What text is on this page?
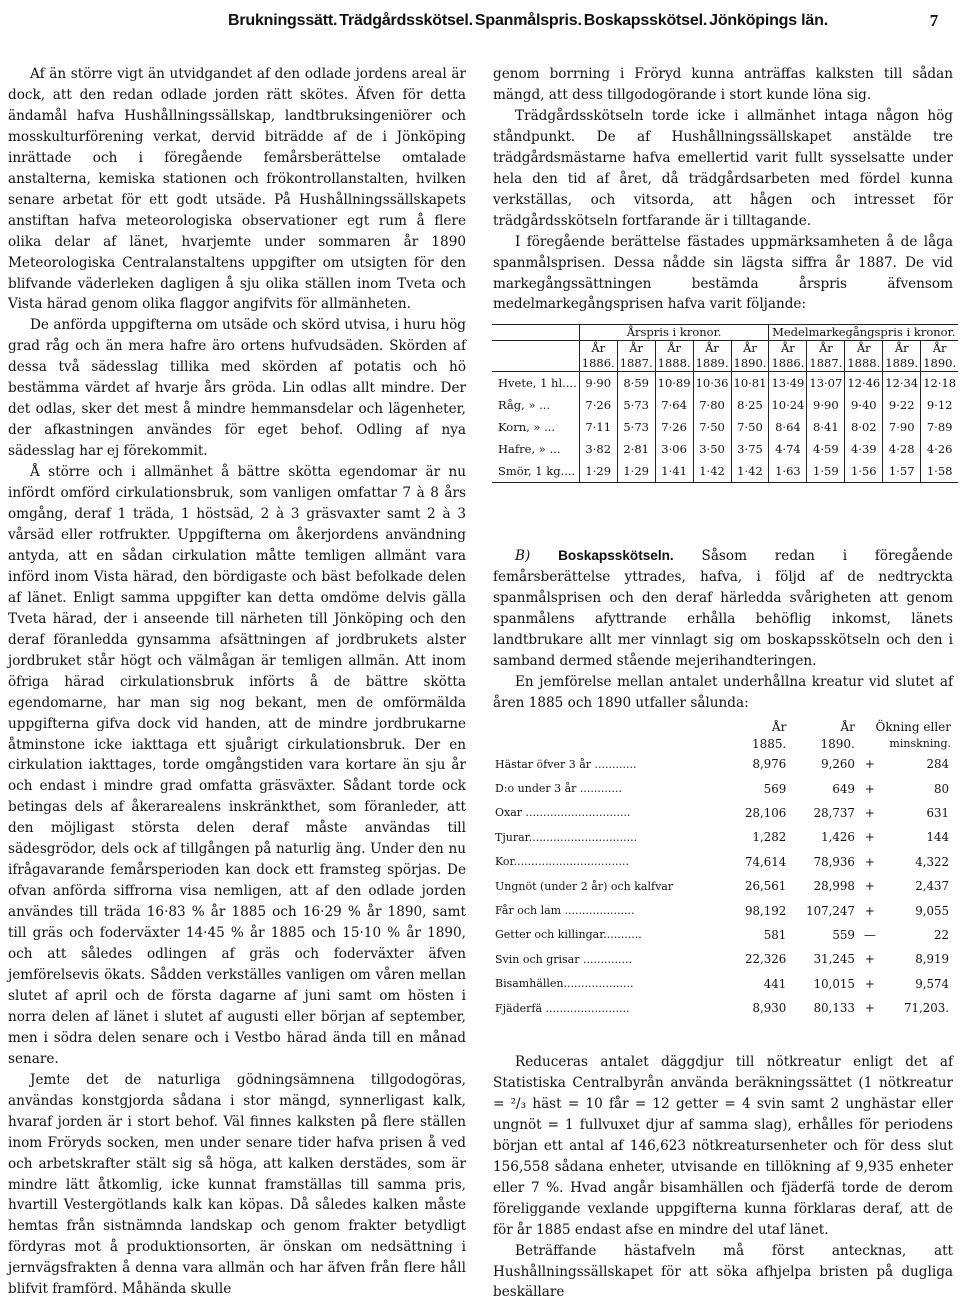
Brukningssätt. Trädgårdsskötsel. Spanmålspris. Boskapsskötsel. Jönköpings län.	7

Af än större vigt än utvidgandet af den odlade jordens areal är dock, att den redan odlade jorden rätt skötes. Äfven för detta ändamål hafva Hushållningssällskap, landtbruksingeniörer och mosskulturförening verkat, dervid biträdde af de i Jönköping inrättade och i föregående femårsberättelse omtalade anstalterna, kemiska stationen och frökontrollanstalten, hvilken senare arbetat för ett godt utsäde. På Hushållningssällskapets anstiftan hafva meteorologiska observationer egt rum å flere olika delar af länet, hvarjemte under sommaren år 1890 Meteorologiska Centralanstaltens uppgifter om utsigten för den blifvande väderleken dagligen å sju olika ställen inom Tveta och Vista härad genom olika flaggor angifvits för allmänheten.

De anförda uppgifterna om utsäde och skörd utvisa, i huru hög grad råg och än mera hafre äro ortens hufvudsäden. Skörden af dessa två sädesslag tillika med skörden af potatis och hö bestämma värdet af hvarje års gröda. Lin odlas allt mindre. Der det odlas, sker det mest å mindre hemmansdelar och lägenheter, der afkastningen användes för eget behof. Odling af nya sädesslag har ej förekommit.

Å större och i allmänhet å bättre skötta egendomar är nu infördt omförd cirkulationsbruk, som vanligen omfattar 7 à 8 års omgång, deraf 1 träda, 1 höstsäd, 2 à 3 gräsvaxter samt 2 à 3 vårsäd eller rotfrukter. Uppgifterna om åkerjordens användning antyda, att en sådan cirkulation måtte temligen allmänt vara införd inom Vista härad, den bördigaste och bäst befolkade delen af länet. Enligt samma uppgifter kan detta omdöme delvis gälla Tveta härad, der i anseende till närheten till Jönköping och den deraf föranledda gynsamma afsättningen af jordbrukets alster jordbruket står högt och välmågan är temligen allmän. Att inom öfriga härad cirkulationsbruk införts å de bättre skötta egendomarne, har man sig nog bekant, men de omförmälda uppgifterna gifva dock vid handen, att de mindre jordbrukarne åtminstone icke iakttaga ett sjuårigt cirkulationsbruk. Der en cirkulation iakttages, torde omgångstiden vara kortare än sju år och endast i mindre grad omfatta gräsväxter. Sådant torde ock betingas dels af åkerarealens inskränkthet, som föranleder, att den möjligast största delen deraf måste användas till sädesgrödor, dels ock af tillgången på naturlig äng. Under den nu ifrågavarande femårsperioden kan dock ett framsteg spörjas. De ofvan anförda siffrorna visa nemligen, att af den odlade jorden användes till träda 16·83 % år 1885 och 16·29 % år 1890, samt till gräs och foderväxter 14·45 % år 1885 och 15·10 % år 1890, och att således odlingen af gräs och foderväxter äfven jemförelsevis ökats. Sådden verkställes vanligen om våren mellan slutet af april och de första dagarne af juni samt om hösten i norra delen af länet i slutet af augusti eller början af september, men i södra delen senare och i Vestbo härad ända till en månad senare.

Jemte det de naturliga gödningsämnena tillgodogöras, användas konstgjorda sådana i stor mängd, synnerligast kalk, hvaraf jorden är i stort behof. Väl finnes kalksten på flere ställen inom Fröryds socken, men under senare tider hafva prisen å ved och arbetskrafter stält sig så höga, att kalken derstädes, som är mindre lätt åtkomlig, icke kunnat framställas till samma pris, hvartill Vestergötlands kalk kan köpas. Då således kalken måste hemtas från sistnämnda landskap och genom frakter betydligt fördyras mot å produktionsorten, är önskan om nedsättning i jernvägsfrakten å denna vara allmän och har äfven från flere håll blifvit framförd. Måhända skulle

genom borrning i Fröryd kunna anträffas kalksten till sådan mängd, att dess tillgodogörande i stort kunde löna sig.

Trädgårdsskötseln torde icke i allmänhet intaga någon hög ståndpunkt. De af Hushållningssällskapet anstälde tre trädgårdsmästarne hafva emellertid varit fullt sysselsatte under hela den tid af året, då trädgårdsarbeten med fördel kunna verkställas, och vitsorda, att hågen och intresset för trädgårdsskötseln fortfarande är i tilltagande.

I föregående berättelse fästades uppmärksamheten å de låga spanmålsprisen. Dessa nådde sin lägsta siffra år 1887. De vid markegångssättningen bestämda årspris äfvensom medelmarkegångsprisen hafva varit följande:

	Årspris i kronor.					Medelmarkegångspris i kronor.				
	År	År	År	År	År	År	År	År	År	År
	1886.	1887.	1888.	1889.	1890.	1886.	1887.	1888.	1889.	1890.
Hvete, 1 hl....	9·90	8·59	10·89	10·36	10·81	13·49	13·07	12·46	12·34	12·18
Råg, » ...	7·26	5·73	7·64	7·80	8·25	10·24	9·90	9·40	9·22	9·12
Korn, » ...	7·11	5·73	7·26	7·50	7·50	8·64	8·41	8·02	7·90	7·89
Hafre, » ...	3·82	2·81	3·06	3·50	3·75	4·74	4·59	4·39	4·28	4·26
Smör, 1 kg....	1·29	1·29	1·41	1·42	1·42	1·63	1·59	1·56	1·57	1·58

B) Boskapsskötseln. Såsom redan i föregående femårsberättelse yttrades, hafva, i följd af de nedtryckta spanmålsprisen och den deraf härledda svårigheten att genom spanmålens afyttrande erhålla behöflig inkomst, länets landtbrukare allt mer vinnlagt sig om boskapsskötseln och den i samband dermed stående mejerihandteringen.

En jemförelse mellan antalet underhållna kreatur vid slutet af åren 1885 och 1890 utfaller sålunda:

	År	År	Ökning eller	
	1885.	1890.	minskning.	
Hästar öfver 3 år ............	8,976	9,260	+	284
D:o under 3 år ............	569	649	+	80
Oxar ..............................	28,106	28,737	+	631
Tjurar...............................	1,282	1,426	+	144
Kor.................................	74,614	78,936	+	4,322
Ungnöt (under 2 år) och kalfvar	26,561	28,998	+	2,437
Får och lam ....................	98,192	107,247	+	9,055
Getter och killingar...........	581	559	—	22
Svin och grisar ..............	22,326	31,245	+	8,919
Bisamhällen....................	441	10,015	+	9,574
Fjäderfä ........................	8,930	80,133	+	71,203.

Reduceras antalet däggdjur till nötkreatur enligt det af Statistiska Centralbyrån använda beräkningssättet (1 nötkreatur = ²/₃ häst = 10 får = 12 getter = 4 svin samt 2 unghästar eller ungnöt = 1 fullvuxet djur af samma slag), erhålles för periodens början ett antal af 146,623 nötkreatursenheter och för dess slut 156,558 sådana enheter, utvisande en tillökning af 9,935 enheter eller 7 %. Hvad angår bisamhällen och fjäderfä torde de derom föreliggande vexlande uppgifterna kunna förklaras deraf, att de för år 1885 endast afse en mindre del utaf länet.

Beträffande hästafveln må först antecknas, att Hushållningssällskapet för att söka afhjelpa bristen på dugliga beskällare
